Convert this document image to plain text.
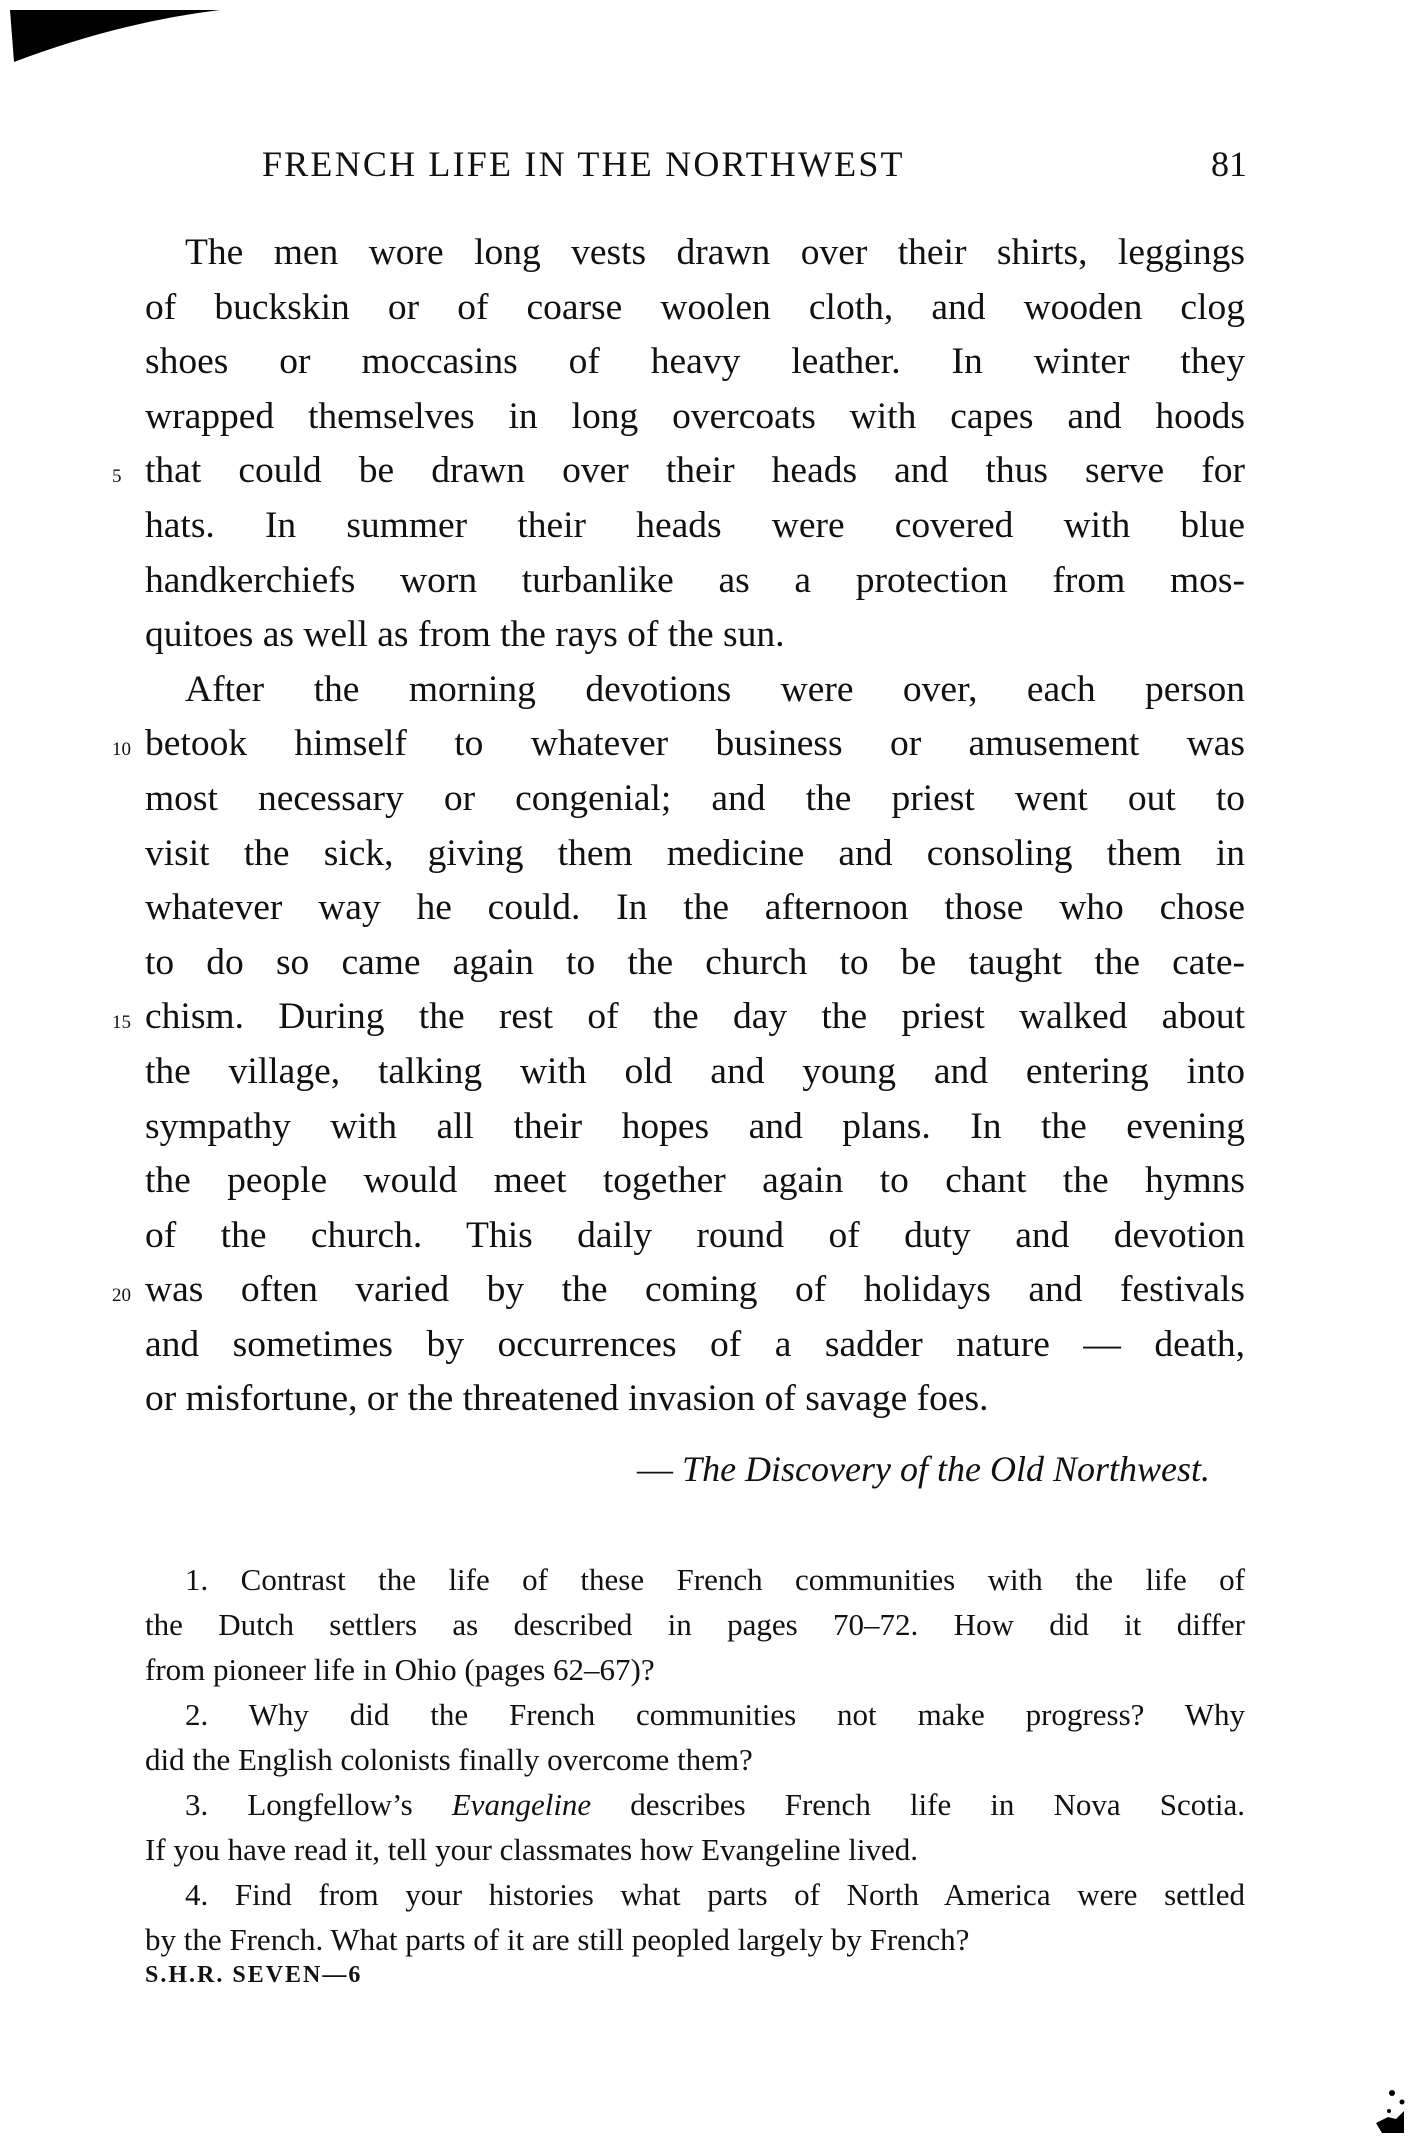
FRENCH LIFE IN THE NORTHWEST	81
The men wore long vests drawn over their shirts, leggings
of buckskin or of coarse woolen cloth, and wooden clog
shoes or moccasins of heavy leather. In winter they
wrapped themselves in long overcoats with capes and hoods
5 that could be drawn over their heads and thus serve for
hats. In summer their heads were covered with blue
handkerchiefs worn turbanlike as a protection from mos-
quitoes as well as from the rays of the sun.
After the morning devotions were over, each person
10 betook himself to whatever business or amusement was
most necessary or congenial; and the priest went out to
visit the sick, giving them medicine and consoling them in
whatever way he could. In the afternoon those who chose
to do so came again to the church to be taught the cate-
15 chism. During the rest of the day the priest walked about
the village, talking with old and young and entering into
sympathy with all their hopes and plans. In the evening
the people would meet together again to chant the hymns
of the church. This daily round of duty and devotion
20 was often varied by the coming of holidays and festivals
and sometimes by occurrences of a sadder nature — death,
or misfortune, or the threatened invasion of savage foes.
— The Discovery of the Old Northwest.
1. Contrast the life of these French communities with the life of
the Dutch settlers as described in pages 70–72. How did it differ
from pioneer life in Ohio (pages 62–67)?
2. Why did the French communities not make progress? Why
did the English colonists finally overcome them?
3. Longfellow’s Evangeline describes French life in Nova Scotia.
If you have read it, tell your classmates how Evangeline lived.
4. Find from your histories what parts of North America were settled
by the French. What parts of it are still peopled largely by French?
S.H.R. SEVEN—6
